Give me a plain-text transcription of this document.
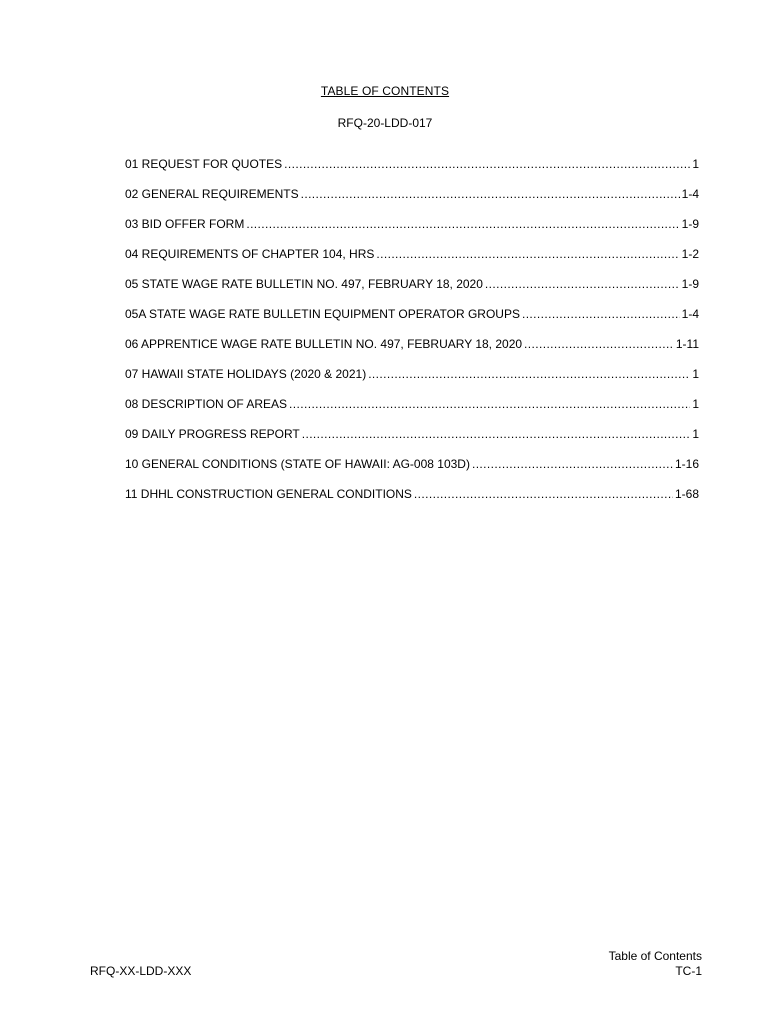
TABLE OF CONTENTS
RFQ-20-LDD-017
01 REQUEST FOR QUOTES .....	1
02 GENERAL REQUIREMENTS .....	1-4
03 BID OFFER FORM .....	1-9
04 REQUIREMENTS OF CHAPTER 104, HRS .....	1-2
05 STATE WAGE RATE BULLETIN NO. 497, FEBRUARY 18, 2020 .....	1-9
05A STATE WAGE RATE BULLETIN EQUIPMENT OPERATOR GROUPS .....	1-4
06 APPRENTICE WAGE RATE BULLETIN NO. 497, FEBRUARY 18, 2020 .....	1-11
07 HAWAII STATE HOLIDAYS (2020 & 2021) .....	1
08 DESCRIPTION OF AREAS .....	1
09 DAILY PROGRESS REPORT .....	1
10 GENERAL CONDITIONS (STATE OF HAWAII: AG-008 103D) .....	1-16
11 DHHL CONSTRUCTION GENERAL CONDITIONS .....	1-68
Table of Contents
TC-1
RFQ-XX-LDD-XXX
